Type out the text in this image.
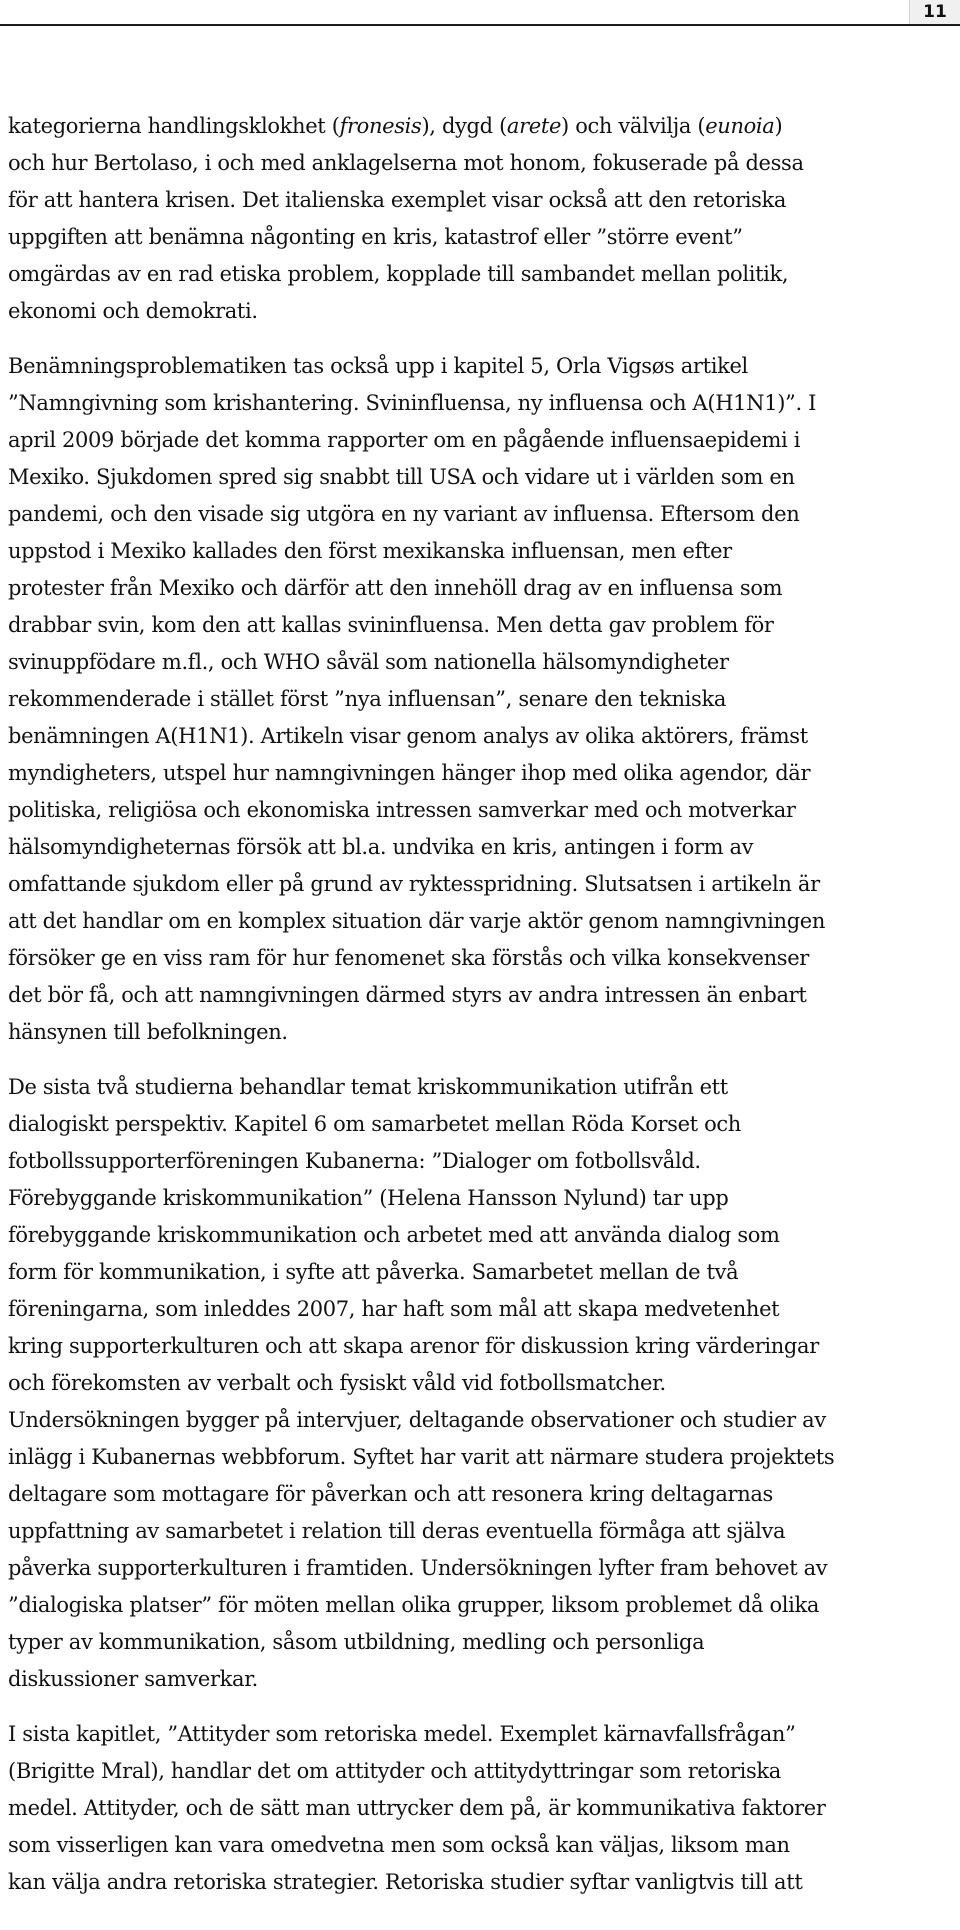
11
kategorierna handlingsklokhet (fronesis), dygd (arete) och välvilja (eunoia)
och hur Bertolaso, i och med anklagelserna mot honom, fokuserade på dessa
för att hantera krisen. Det italienska exemplet visar också att den retoriska
uppgiften att benämna någonting en kris, katastrof eller ”större event”
omgärdas av en rad etiska problem, kopplade till sambandet mellan politik,
ekonomi och demokrati.
Benämningsproblematiken tas också upp i kapitel 5, Orla Vigsøs artikel
”Namngivning som krishantering. Svininfluensa, ny influensa och A(H1N1)”. I
april 2009 började det komma rapporter om en pågående influensaepidemi i
Mexiko. Sjukdomen spred sig snabbt till USA och vidare ut i världen som en
pandemi, och den visade sig utgöra en ny variant av influensa. Eftersom den
uppstod i Mexiko kallades den först mexikanska influensan, men efter
protester från Mexiko och därför att den innehöll drag av en influensa som
drabbar svin, kom den att kallas svininfluensa. Men detta gav problem för
svinuppfödare m.fl., och WHO såväl som nationella hälsomyndigheter
rekommenderade i stället först ”nya influensan”, senare den tekniska
benämningen A(H1N1). Artikeln visar genom analys av olika aktörers, främst
myndigheters, utspel hur namngivningen hänger ihop med olika agendor, där
politiska, religiösa och ekonomiska intressen samverkar med och motverkar
hälsomyndigheternas försök att bl.a. undvika en kris, antingen i form av
omfattande sjukdom eller på grund av ryktesspridning. Slutsatsen i artikeln är
att det handlar om en komplex situation där varje aktör genom namngivningen
försöker ge en viss ram för hur fenomenet ska förstås och vilka konsekvenser
det bör få, och att namngivningen därmed styrs av andra intressen än enbart
hänsynen till befolkningen.
De sista två studierna behandlar temat kriskommunikation utifrån ett
dialogiskt perspektiv. Kapitel 6 om samarbetet mellan Röda Korset och
fotbollssupporterföreningen Kubanerna: ”Dialoger om fotbollsvåld.
Förebyggande kriskommunikation” (Helena Hansson Nylund) tar upp
förebyggande kriskommunikation och arbetet med att använda dialog som
form för kommunikation, i syfte att påverka. Samarbetet mellan de två
föreningarna, som inleddes 2007, har haft som mål att skapa medvetenhet
kring supporterkulturen och att skapa arenor för diskussion kring värderingar
och förekomsten av verbalt och fysiskt våld vid fotbollsmatcher.
Undersökningen bygger på intervjuer, deltagande observationer och studier av
inlägg i Kubanernas webbforum. Syftet har varit att närmare studera projektets
deltagare som mottagare för påverkan och att resonera kring deltagarnas
uppfattning av samarbetet i relation till deras eventuella förmåga att själva
påverka supporterkulturen i framtiden. Undersökningen lyfter fram behovet av
”dialogiska platser” för möten mellan olika grupper, liksom problemet då olika
typer av kommunikation, såsom utbildning, medling och personliga
diskussioner samverkar.
I sista kapitlet, ”Attityder som retoriska medel. Exemplet kärnavfallsfrågan”
(Brigitte Mral), handlar det om attityder och attitydyttringar som retoriska
medel. Attityder, och de sätt man uttrycker dem på, är kommunikativa faktorer
som visserligen kan vara omedvetna men som också kan väljas, liksom man
kan välja andra retoriska strategier. Retoriska studier syftar vanligtvis till att
